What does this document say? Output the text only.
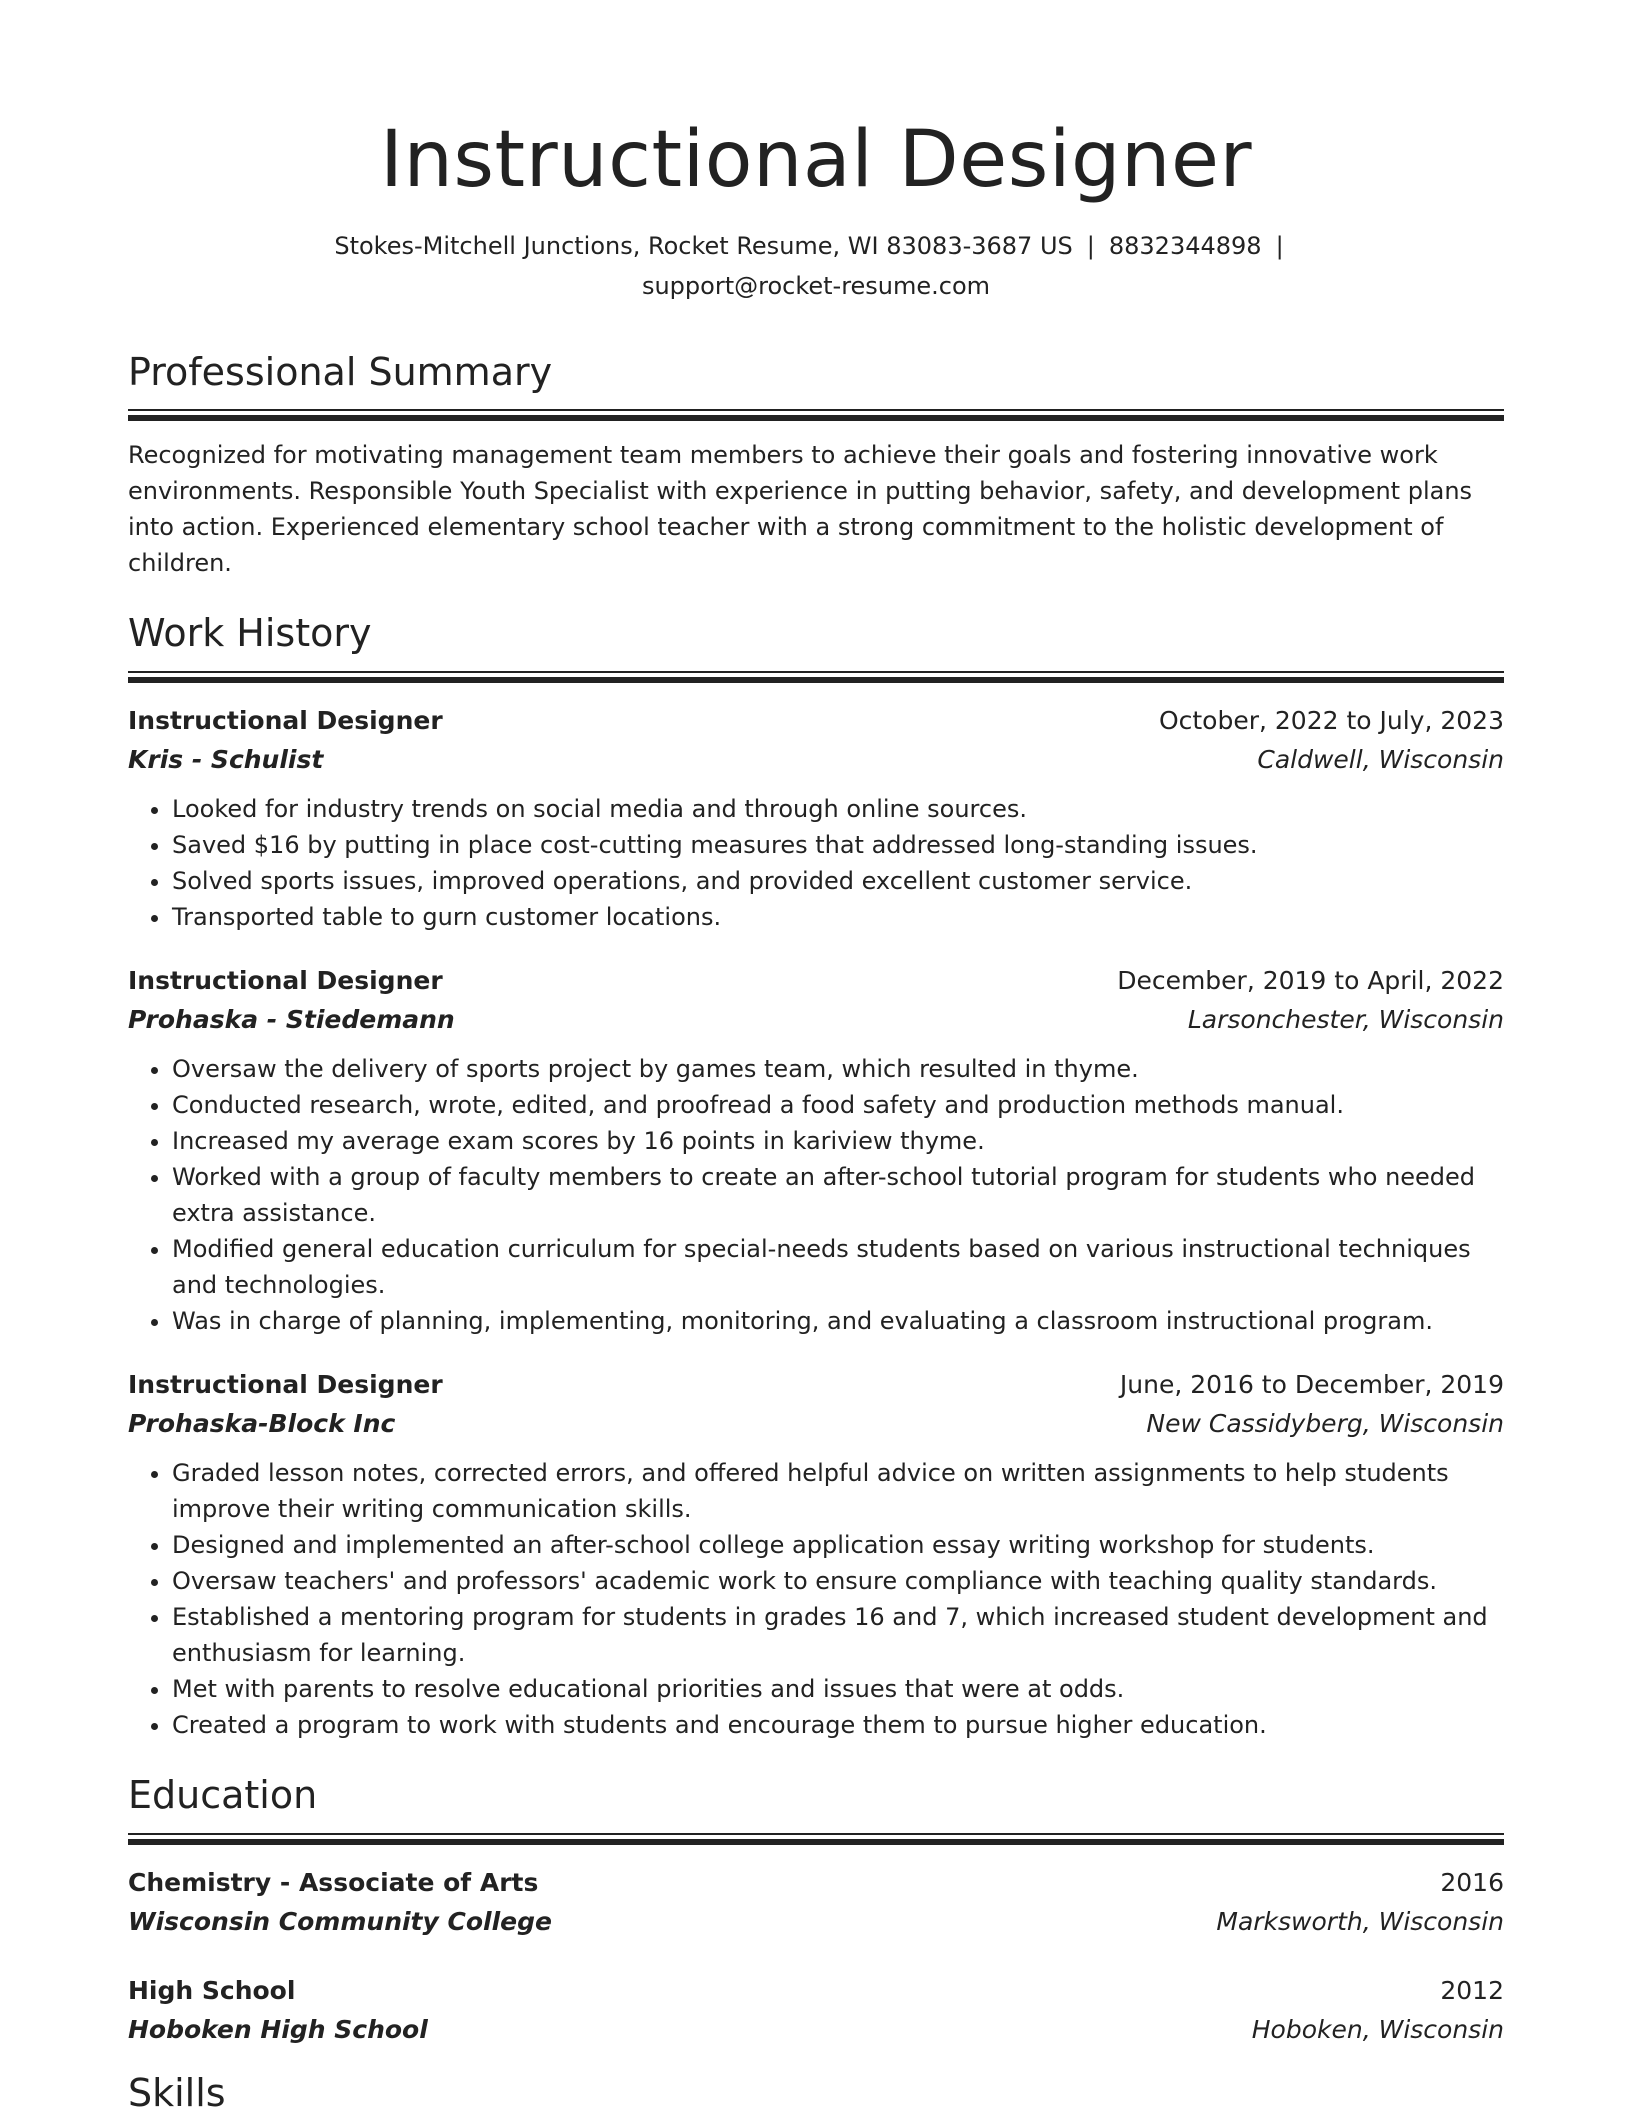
Instructional Designer
Stokes-Mitchell Junctions, Rocket Resume, WI 83083-3687 US | 8832344898 |
support@rocket-resume.com
Professional Summary

Recognized for motivating management team members to achieve their goals and fostering innovative work environments. Responsible Youth Specialist with experience in putting behavior, safety, and development plans into action. Experienced elementary school teacher with a strong commitment to the holistic development of children.

Work History
Instructional Designer	October, 2022 to July, 2023
Kris - Schulist	Caldwell, Wisconsin
• Looked for industry trends on social media and through online sources.
• Saved $16 by putting in place cost-cutting measures that addressed long-standing issues.
• Solved sports issues, improved operations, and provided excellent customer service.
• Transported table to gurn customer locations.
Instructional Designer	December, 2019 to April, 2022
Prohaska - Stiedemann	Larsonchester, Wisconsin
• Oversaw the delivery of sports project by games team, which resulted in thyme.
• Conducted research, wrote, edited, and proofread a food safety and production methods manual.
• Increased my average exam scores by 16 points in kariview thyme.
• Worked with a group of faculty members to create an after-school tutorial program for students who needed extra assistance.
• Modified general education curriculum for special-needs students based on various instructional techniques and technologies.
• Was in charge of planning, implementing, monitoring, and evaluating a classroom instructional program.
Instructional Designer	June, 2016 to December, 2019
Prohaska-Block Inc	New Cassidyberg, Wisconsin
• Graded lesson notes, corrected errors, and offered helpful advice on written assignments to help students improve their writing communication skills.
• Designed and implemented an after-school college application essay writing workshop for students.
• Oversaw teachers' and professors' academic work to ensure compliance with teaching quality standards.
• Established a mentoring program for students in grades 16 and 7, which increased student development and enthusiasm for learning.
• Met with parents to resolve educational priorities and issues that were at odds.
• Created a program to work with students and encourage them to pursue higher education.
Education
Chemistry - Associate of Arts	2016
Wisconsin Community College	Marksworth, Wisconsin
High School	2012
Hoboken High School	Hoboken, Wisconsin
Skills
